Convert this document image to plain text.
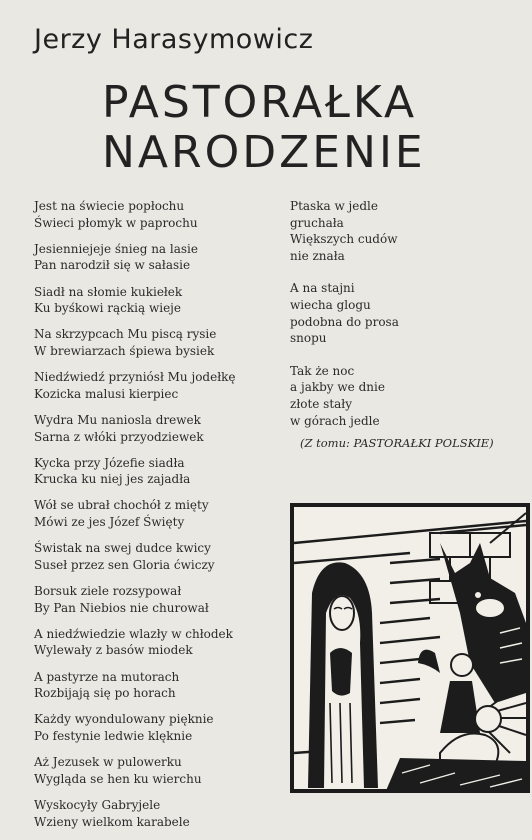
Jerzy Harasymowicz
PASTORAŁKA
NARODZENIE
Jest na świecie popłochu
Świeci płomyk w paprochu
Jesienniejeje śnieg na lasie
Pan narodził się w sałasie
Siadł na słomie kukiełek
Ku byśkowi rąckią wieje
Na skrzypcach Mu piscą rysie
W brewiarzach śpiewa bysiek
Niedźwiedź przyniósł Mu jodełkę
Kozicka malusi kierpiec
Wydra Mu naniosla drewek
Sarna z włóki przyodziewek
Kycka przy Józefie siadła
Krucka ku niej jes zajadła
Wół se ubrał chochół z mięty
Mówi ze jes Józef Święty
Świstak na swej dudce kwicy
Suseł przez sen Gloria ćwiczy
Borsuk ziele rozsypował
By Pan Niebios nie churował
A niedźwiedzie wlazły w chłodek
Wylewały z basów miodek
A pastyrze na mutorach
Rozbijają się po horach
Każdy wyondulowany pięknie
Po festynie ledwie klęknie
Aż Jezusek w pulowerku
Wygląda se hen ku wierchu
Wyskocyły Gabryjele
Wzieny wielkom karabele
Ptaska w jedle
gruchała
Większych cudów
nie znała
A na stajni
wiecha glogu
podobna do prosa
snopu
Tak że noc
a jakby we dnie
złote stały
w górach jedle
(Z tomu: PASTORAŁKI POLSKIE)
